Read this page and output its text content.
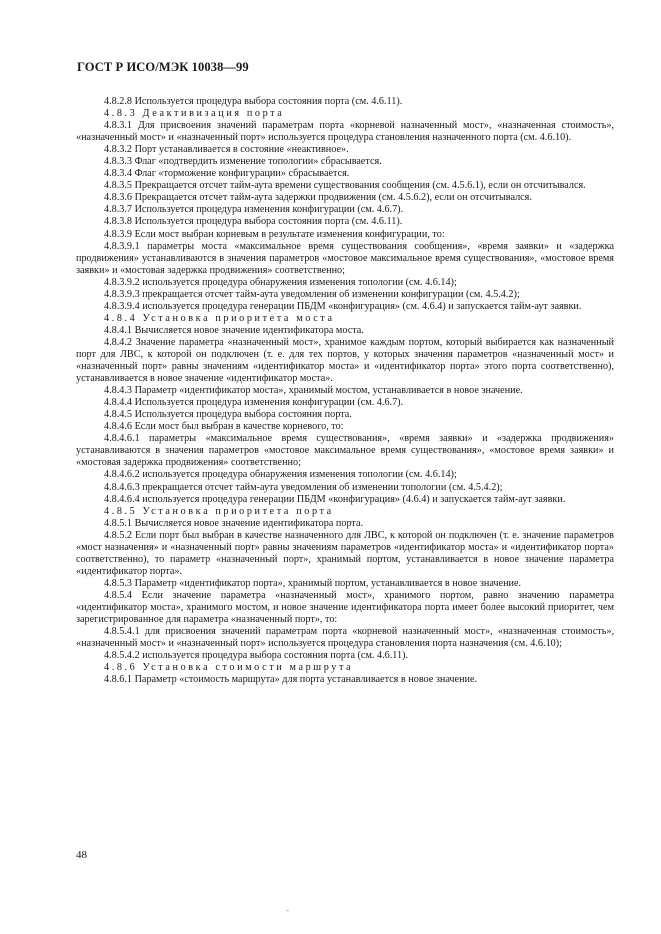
ГОСТ Р ИСО/МЭК 10038—99

4.8.2.8 Используется процедура выбора состояния порта (см. 4.6.11).

4.8.3 Деактивизация порта

4.8.3.1 Для присвоения значений параметрам порта «корневой назначенный мост», «назначенная стоимость», «назначенный мост» и «назначенный порт» используется процедура становления назначенного порта (см. 4.6.10).

4.8.3.2 Порт устанавливается в состояние «неактивное».

4.8.3.3 Флаг «подтвердить изменение топологии» сбрасывается.

4.8.3.4 Флаг «торможение конфигурации» сбрасывается.

4.8.3.5 Прекращается отсчет тайм-аута времени существования сообщения (см. 4.5.6.1), если он отсчитывался.

4.8.3.6 Прекращается отсчет тайм-аута задержки продвижения (см. 4.5.6.2), если он отсчитывался.

4.8.3.7 Используется процедура изменения конфигурации (см. 4.6.7).

4.8.3.8 Используется процедура выбора состояния порта (см. 4.6.11).

4.8.3.9 Если мост выбран корневым в результате изменения конфигурации, то:

4.8.3.9.1 параметры моста «максимальное время существования сообщения», «время заявки» и «задержка продвижения» устанавливаются в значения параметров «мостовое максимальное время существования», «мостовое время заявки» и «мостовая задержка продвижения» соответственно;

4.8.3.9.2 используется процедура обнаружения изменения топологии (см. 4.6.14);

4.8.3.9.3 прекращается отсчет тайм-аута уведомления об изменении конфигурации (см. 4.5.4.2);

4.8.3.9.4 используется процедура генерации ПБДМ «конфигурация» (см. 4.6.4) и запускается тайм-аут заявки.

4.8.4 Установка приоритета моста

4.8.4.1 Вычисляется новое значение идентификатора моста.

4.8.4.2 Значение параметра «назначенный мост», хранимое каждым портом, который выбирается как назначенный порт для ЛВС, к которой он подключен (т. е. для тех портов, у которых значения параметров «назначенный мост» и «назначенный порт» равны значениям «идентификатор моста» и «идентификатор порта» этого порта соответственно), устанавливается в новое значение «идентификатор моста».

4.8.4.3 Параметр «идентификатор моста», хранимый мостом, устанавливается в новое значение.

4.8.4.4 Используется процедура изменения конфигурации (см. 4.6.7).

4.8.4.5 Используется процедура выбора состояния порта.

4.8.4.6 Если мост был выбран в качестве корневого, то:

4.8.4.6.1 параметры «максимальное время существования», «время заявки» и «задержка продвижения» устанавливаются в значения параметров «мостовое максимальное время существования», «мостовое время заявки» и «мостовая задержка продвижения» соответственно;

4.8.4.6.2 используется процедура обнаружения изменения топологии (см. 4.6.14);

4.8.4.6.3 прекращается отсчет тайм-аута уведомления об изменении топологии (см. 4.5.4.2);

4.8.4.6.4 используется процедура генерации ПБДМ «конфигурация» (4.6.4) и запускается тайм-аут заявки.

4.8.5 Установка приоритета порта

4.8.5.1 Вычисляется новое значение идентификатора порта.

4.8.5.2 Если порт был выбран в качестве назначенного для ЛВС, к которой он подключен (т. е. значение параметров «мост назначения» и «назначенный порт» равны значениям параметров «идентификатор моста» и «идентификатор порта» соответственно), то параметр «назначенный порт», хранимый портом, устанавливается в новое значение параметра «идентификатор порта».

4.8.5.3 Параметр «идентификатор порта», хранимый портом, устанавливается в новое значение.

4.8.5.4 Если значение параметра «назначенный мост», хранимого портом, равно значению параметра «идентификатор моста», хранимого мостом, и новое значение идентификатора порта имеет более высокий приоритет, чем зарегистрированное для параметра «назначенный порт», то:

4.8.5.4.1 для присвоения значений параметрам порта «корневой назначенный мост», «назначенная стоимость», «назначенный мост» и «назначенный порт» используется процедура становления порта назначения (см. 4.6.10);

4.8.5.4.2 используется процедура выбора состояния порта (см. 4.6.11).

4.8.6 Установка стоимости маршрута

4.8.6.1 Параметр «стоимость маршрута» для порта устанавливается в новое значение.

48
-
